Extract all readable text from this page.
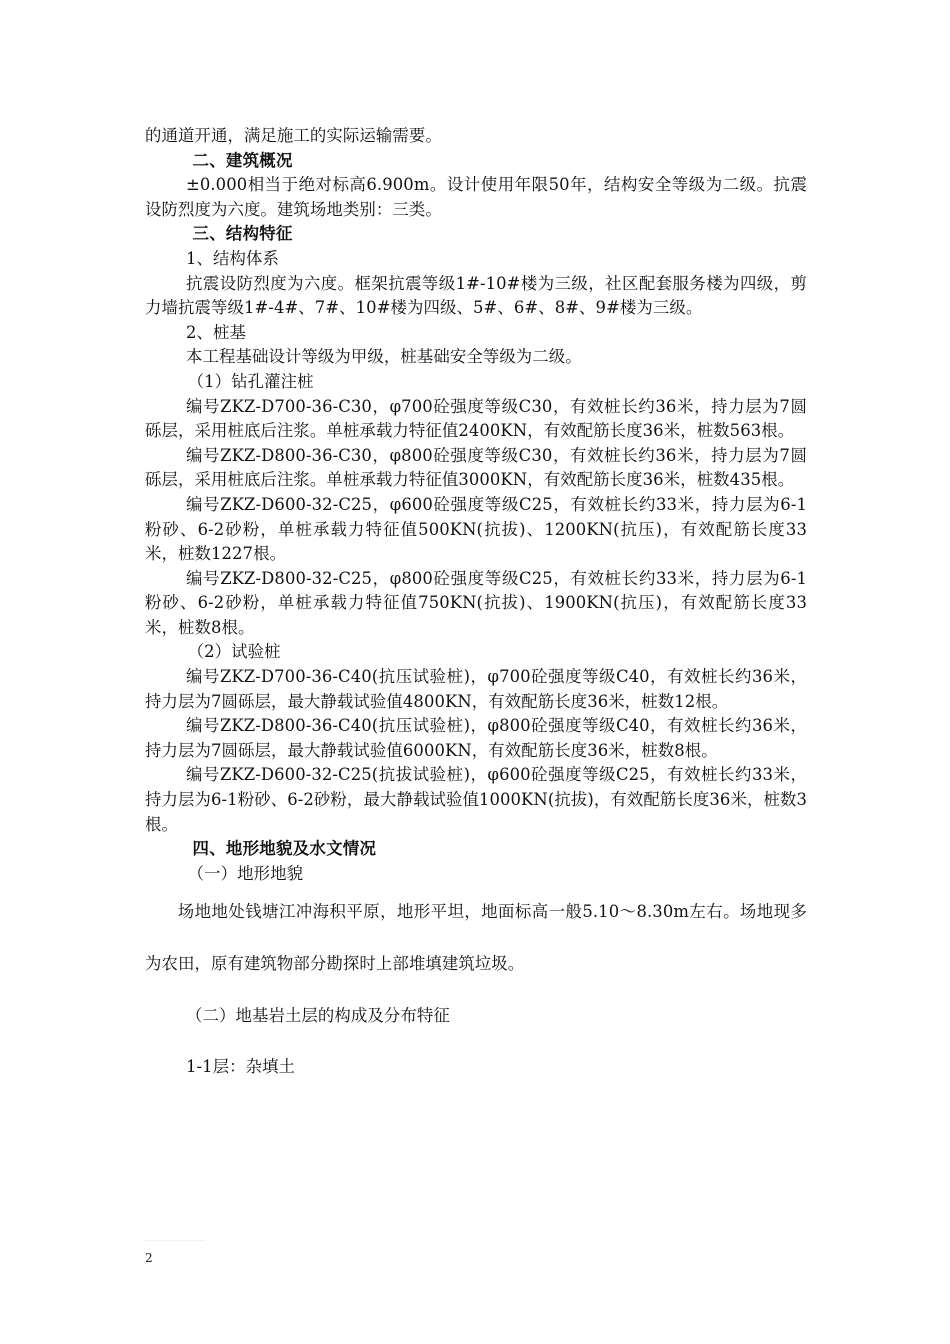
的通道开通，满足施工的实际运输需要。

二、建筑概况

±0.000相当于绝对标高6.900m。设计使用年限50年，结构安全等级为二级。抗震设防烈度为六度。建筑场地类别：三类。

三、结构特征

1、结构体系

抗震设防烈度为六度。框架抗震等级1#-10#楼为三级，社区配套服务楼为四级，剪力墙抗震等级1#-4#、7#、10#楼为四级、5#、6#、8#、9#楼为三级。

2、桩基

本工程基础设计等级为甲级，桩基础安全等级为二级。

（1）钻孔灌注桩

编号ZKZ-D700-36-C30，φ700砼强度等级C30，有效桩长约36米，持力层为7圆砾层，采用桩底后注浆。单桩承载力特征值2400KN，有效配筋长度36米，桩数563根。

编号ZKZ-D800-36-C30，φ800砼强度等级C30，有效桩长约36米，持力层为7圆砾层，采用桩底后注浆。单桩承载力特征值3000KN，有效配筋长度36米，桩数435根。

编号ZKZ-D600-32-C25，φ600砼强度等级C25，有效桩长约33米，持力层为6-1粉砂、6-2砂粉，单桩承载力特征值500KN(抗拔)、1200KN(抗压)，有效配筋长度33米，桩数1227根。

编号ZKZ-D800-32-C25，φ800砼强度等级C25，有效桩长约33米，持力层为6-1粉砂、6-2砂粉，单桩承载力特征值750KN(抗拔)、1900KN(抗压)，有效配筋长度33米，桩数8根。

（2）试验桩

编号ZKZ-D700-36-C40(抗压试验桩)，φ700砼强度等级C40，有效桩长约36米，持力层为7圆砾层，最大静载试验值4800KN，有效配筋长度36米，桩数12根。

编号ZKZ-D800-36-C40(抗压试验桩)，φ800砼强度等级C40，有效桩长约36米，持力层为7圆砾层，最大静载试验值6000KN，有效配筋长度36米，桩数8根。

编号ZKZ-D600-32-C25(抗拔试验桩)，φ600砼强度等级C25，有效桩长约33米，持力层为6-1粉砂、6-2砂粉，最大静载试验值1000KN(抗拔)，有效配筋长度36米，桩数3根。

四、地形地貌及水文情况

（一）地形地貌

场地地处钱塘江冲海积平原，地形平坦，地面标高一般5.10～8.30m左右。场地现多为农田，原有建筑物部分勘探时上部堆填建筑垃圾。

（二）地基岩土层的构成及分布特征

1-1层：杂填土

2
